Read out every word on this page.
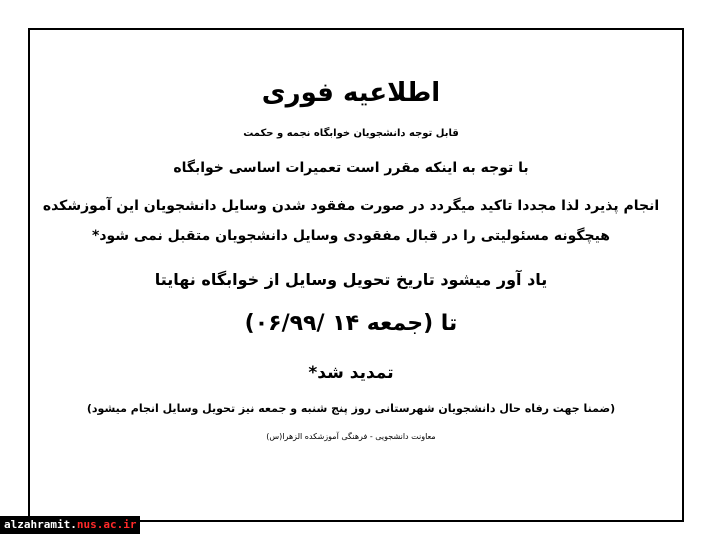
اطلاعیه فوری
قابل توجه دانشجویان خوابگاه نجمه و حکمت
با توجه به اینکه مقرر است تعمیرات اساسی خوابگاه
انجام پذیرد لذا مجددا تاکید میگردد در صورت مفقود شدن وسایل دانشجویان این آموزشکده
هیچگونه مسئولیتی را در قبال مفقودی وسایل دانشجویان متقبل نمی شود*
یاد آور میشود تاریخ تحویل وسایل از خوابگاه نهایتا
تا (جمعه ۱۴ /۰۶/۹۹)
تمدید شد*
(ضمنا جهت رفاه حال دانشجویان شهرستانی روز پنج شنبه و جمعه نیز تحویل وسایل انجام میشود)
معاونت دانشجویی - فرهنگی آموزشکده الزهرا(س)
alzahramit.nus.ac.ir
